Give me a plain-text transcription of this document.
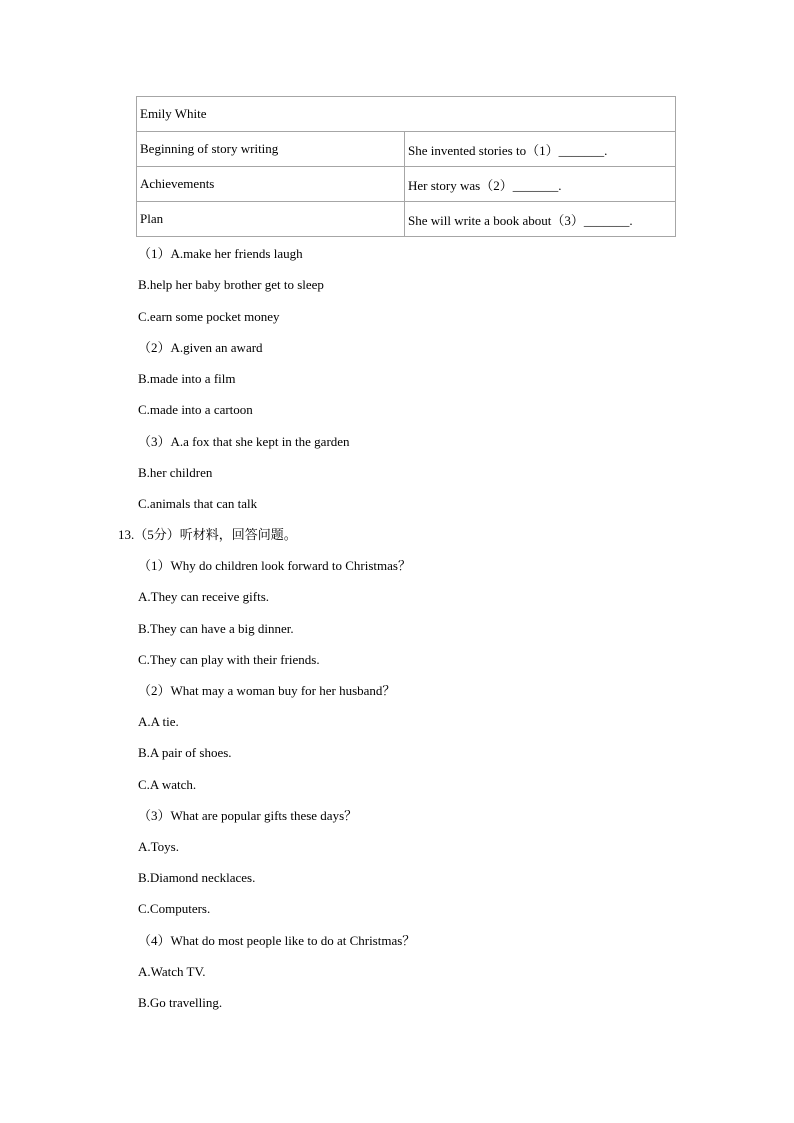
Emily White	
Beginning of story writing	She invented stories to（1）_______.
Achievements	Her story was（2）_______.
Plan	She will write a book about（3）_______.
（1）A.make her friends laugh
B.help her baby brother get to sleep
C.earn some pocket money
（2）A.given an award
B.made into a film
C.made into a cartoon
（3）A.a fox that she kept in the garden
B.her children
C.animals that can talk
13.（5分）听材料，回答问题。
（1）Why do children look forward to Christmas？
A.They can receive gifts.
B.They can have a big dinner.
C.They can play with their friends.
（2）What may a woman buy for her husband？
A.A tie.
B.A pair of shoes.
C.A watch.
（3）What are popular gifts these days？
A.Toys.
B.Diamond necklaces.
C.Computers.
（4）What do most people like to do at Christmas？
A.Watch TV.
B.Go travelling.
